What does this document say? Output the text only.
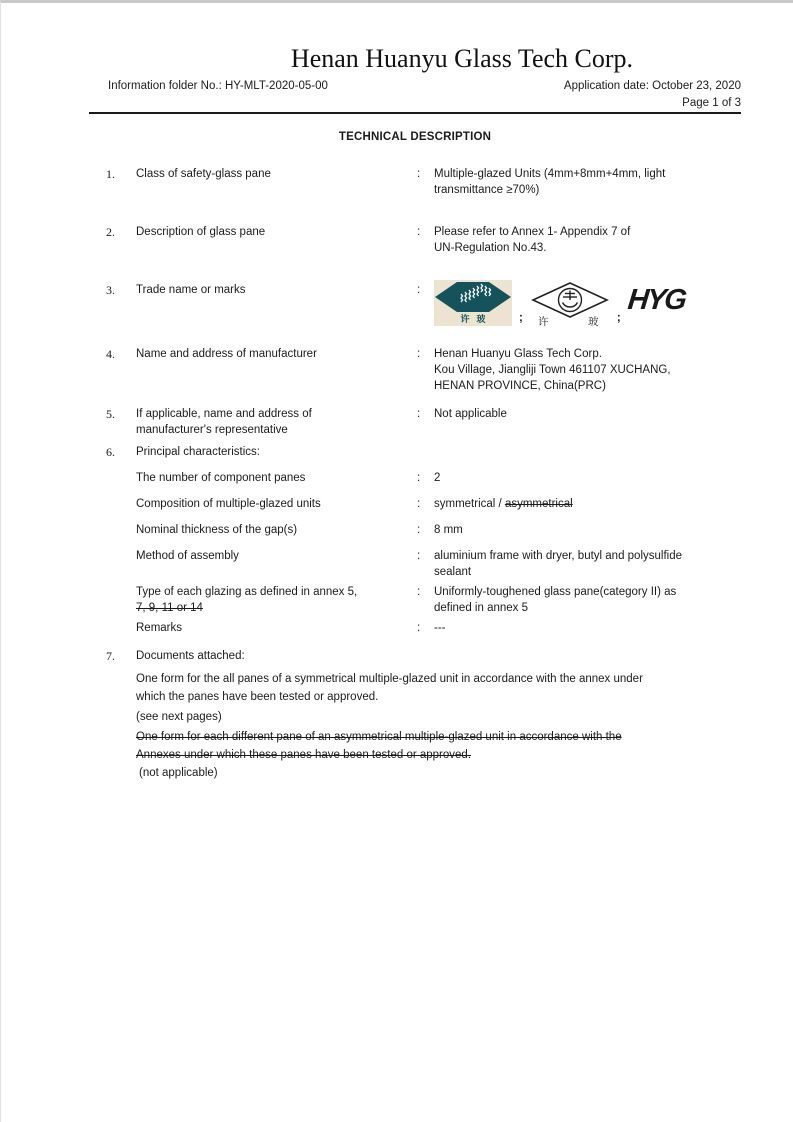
Henan Huanyu Glass Tech Corp.
Information folder No.: HY-MLT-2020-05-00	Application date: October 23, 2020
Page 1 of 3
TECHNICAL DESCRIPTION
1.	Class of safety-glass pane	:	Multiple-glazed Units (4mm+8mm+4mm, light
transmittance ≥70%)
2.	Description of glass pane	:	Please refer to Annex 1- Appendix 7 of
UN-Regulation No.43.
3.	Trade name or marks	:
许玻 ; 许	玻 ;
HYG
4.	Name and address of manufacturer	:	Henan Huanyu Glass Tech Corp.
Kou Village, Jiangliji Town 461107 XUCHANG,
HENAN PROVINCE, China(PRC)
5.	If applicable, name and address of
manufacturer's representative
:	Not applicable
6.	Principal characteristics:
The number of component panes	:	2
Composition of multiple-glazed units	:	symmetrical / asymmetrical
Nominal thickness of the gap(s)	:	8 mm
Method of assembly	:	aluminium frame with dryer, butyl and polysulfide
sealant
Type of each glazing as defined in annex 5,
7, 9, 11 or 14
:	Uniformly-toughened glass pane(category II) as
defined in annex 5
Remarks	:	---
7.	Documents attached:
One form for the all panes of a symmetrical multiple-glazed unit in accordance with the annex under
which the panes have been tested or approved.
(see next pages)
One form for each different pane of an asymmetrical multiple-glazed unit in accordance with the
Annexes under which these panes have been tested or approved.
(not applicable)
